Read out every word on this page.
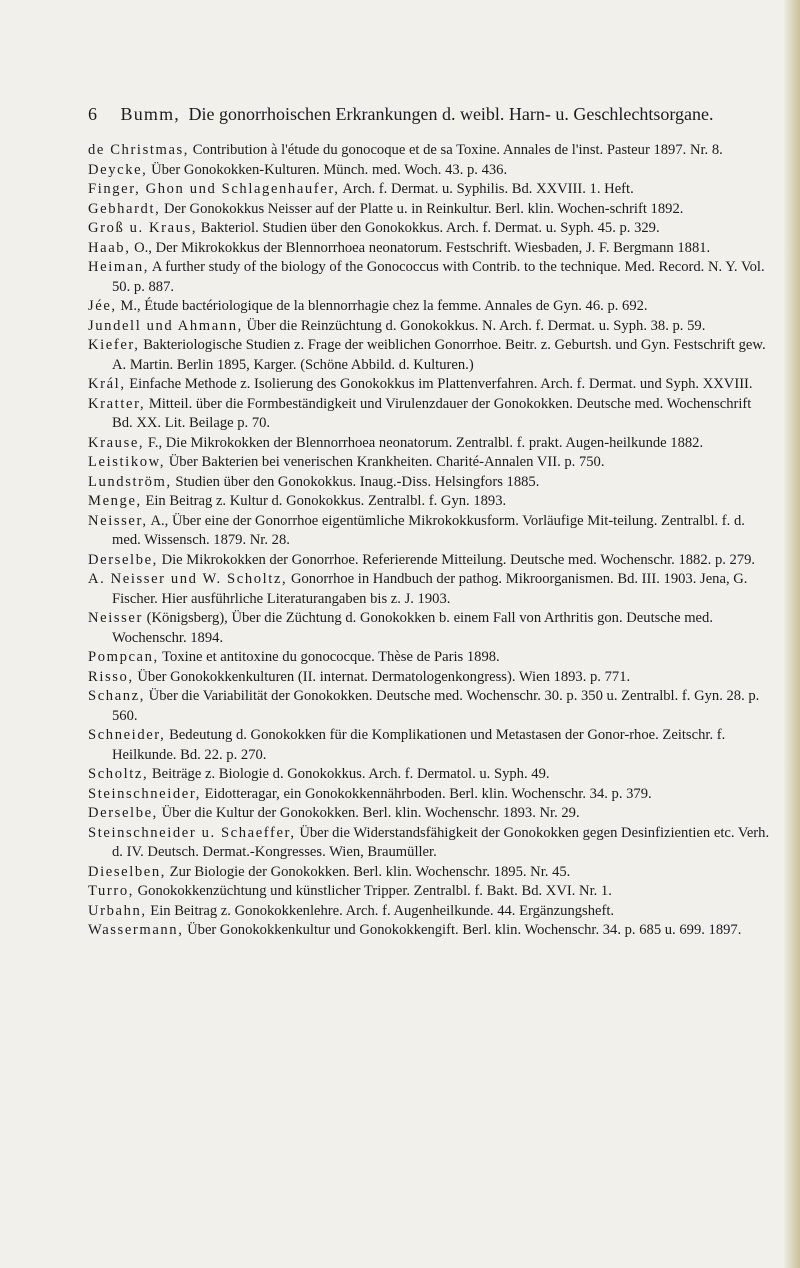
6 Bumm, Die gonorrhoischen Erkrankungen d. weibl. Harn- u. Geschlechtsorgane.
de Christmas, Contribution à l'étude du gonocoque et de sa Toxine. Annales de l'inst. Pasteur 1897. Nr. 8.
Deycke, Über Gonokokken-Kulturen. Münch. med. Woch. 43. p. 436.
Finger, Ghon und Schlagenhaufer, Arch. f. Dermat. u. Syphilis. Bd. XXVIII. 1. Heft.
Gebhardt, Der Gonokokkus Neisser auf der Platte u. in Reinkultur. Berl. klin. Wochen-schrift 1892.
Groß u. Kraus, Bakteriol. Studien über den Gonokokkus. Arch. f. Dermat. u. Syph. 45. p. 329.
Haab, O., Der Mikrokokkus der Blennorrhoea neonatorum. Festschrift. Wiesbaden, J. F. Bergmann 1881.
Heiman, A further study of the biology of the Gonococcus with Contrib. to the technique. Med. Record. N. Y. Vol. 50. p. 887.
Jée, M., Étude bactériologique de la blennorrhagie chez la femme. Annales de Gyn. 46. p. 692.
Jundell und Ahmann, Über die Reinzüchtung d. Gonokokkus. N. Arch. f. Dermat. u. Syph. 38. p. 59.
Kiefer, Bakteriologische Studien z. Frage der weiblichen Gonorrhoe. Beitr. z. Geburtsh. und Gyn. Festschrift gew. A. Martin. Berlin 1895, Karger. (Schöne Abbild. d. Kulturen.)
Král, Einfache Methode z. Isolierung des Gonokokkus im Plattenverfahren. Arch. f. Dermat. und Syph. XXVIII.
Kratter, Mitteil. über die Formbeständigkeit und Virulenzdauer der Gonokokken. Deutsche med. Wochenschrift Bd. XX. Lit. Beilage p. 70.
Krause, F., Die Mikrokokken der Blennorrhoea neonatorum. Zentralbl. f. prakt. Augen-heilkunde 1882.
Leistikow, Über Bakterien bei venerischen Krankheiten. Charité-Annalen VII. p. 750.
Lundström, Studien über den Gonokokkus. Inaug.-Diss. Helsingfors 1885.
Menge, Ein Beitrag z. Kultur d. Gonokokkus. Zentralbl. f. Gyn. 1893.
Neisser, A., Über eine der Gonorrhoe eigentümliche Mikrokokkusform. Vorläufige Mit-teilung. Zentralbl. f. d. med. Wissensch. 1879. Nr. 28.
Derselbe, Die Mikrokokken der Gonorrhoe. Referierende Mitteilung. Deutsche med. Wochenschr. 1882. p. 279.
A. Neisser und W. Scholtz, Gonorrhoe in Handbuch der pathog. Mikroorganismen. Bd. III. 1903. Jena, G. Fischer. Hier ausführliche Literaturangaben bis z. J. 1903.
Neisser (Königsberg), Über die Züchtung d. Gonokokken b. einem Fall von Arthritis gon. Deutsche med. Wochenschr. 1894.
Pompcan, Toxine et antitoxine du gonococque. Thèse de Paris 1898.
Risso, Über Gonokokkenkulturen (II. internat. Dermatologenkongress). Wien 1893. p. 771.
Schanz, Über die Variabilität der Gonokokken. Deutsche med. Wochenschr. 30. p. 350 u. Zentralbl. f. Gyn. 28. p. 560.
Schneider, Bedeutung d. Gonokokken für die Komplikationen und Metastasen der Gonor-rhoe. Zeitschr. f. Heilkunde. Bd. 22. p. 270.
Scholtz, Beiträge z. Biologie d. Gonokokkus. Arch. f. Dermatol. u. Syph. 49.
Steinschneider, Eidotteragar, ein Gonokokkennährboden. Berl. klin. Wochenschr. 34. p. 379.
Derselbe, Über die Kultur der Gonokokken. Berl. klin. Wochenschr. 1893. Nr. 29.
Steinschneider u. Schaeffer, Über die Widerstandsfähigkeit der Gonokokken gegen Desinfizientien etc. Verh. d. IV. Deutsch. Dermat.-Kongresses. Wien, Braumüller.
Dieselben, Zur Biologie der Gonokokken. Berl. klin. Wochenschr. 1895. Nr. 45.
Turro, Gonokokkenzüchtung und künstlicher Tripper. Zentralbl. f. Bakt. Bd. XVI. Nr. 1.
Urbahn, Ein Beitrag z. Gonokokkenlehre. Arch. f. Augenheilkunde. 44. Ergänzungsheft.
Wassermann, Über Gonokokkenkultur und Gonokokkengift. Berl. klin. Wochenschr. 34. p. 685 u. 699. 1897.
